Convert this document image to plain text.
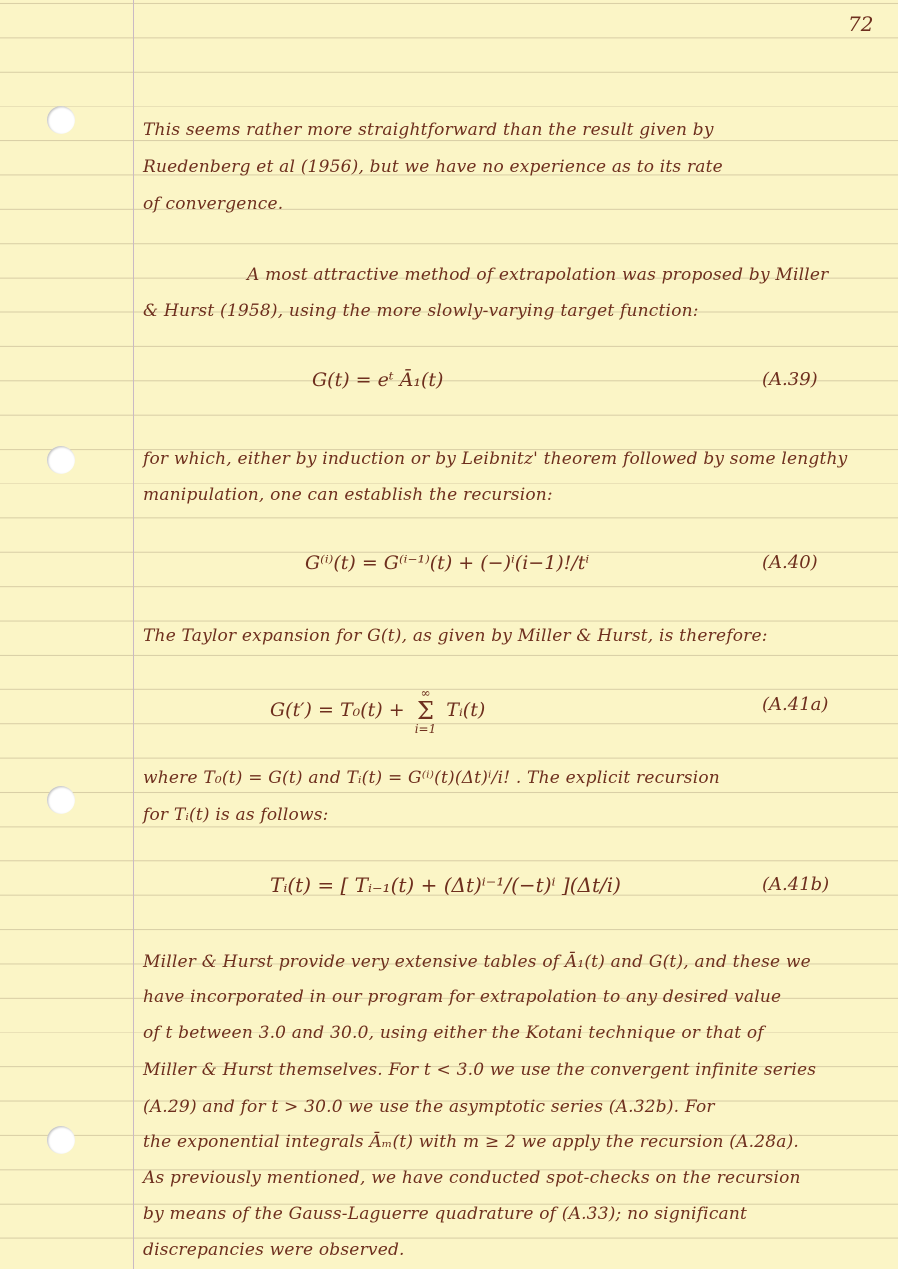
72
This seems rather more straightforward than the result given by
Ruedenberg et al (1956), but we have no experience as to its rate
of convergence.
A most attractive method of extrapolation was proposed by Miller
& Hurst (1958), using the more slowly-varying target function:
G(t) = eᵗ Ā₁(t)	(A.39)
for which, either by induction or by Leibnitz' theorem followed by some lengthy
manipulation, one can establish the recursion:
G⁽ⁱ⁾(t) = G⁽ⁱ⁻¹⁾(t) + (−)ⁱ(i−1)!/tⁱ	(A.40)
The Taylor expansion for G(t), as given by Miller & Hurst, is therefore:
G(t′) = T₀(t) +
∞
Σ
i=1
Tᵢ(t)	(A.41a)
where T₀(t) = G(t) and Tᵢ(t) = G⁽ⁱ⁾(t)(Δt)ⁱ/i! . The explicit recursion
for Tᵢ(t) is as follows:
Tᵢ(t) = [ Tᵢ₋₁(t) + (Δt)ⁱ⁻¹/(−t)ⁱ ](Δt/i)	(A.41b)
Miller & Hurst provide very extensive tables of Ā₁(t) and G(t), and these we
have incorporated in our program for extrapolation to any desired value
of t between 3.0 and 30.0, using either the Kotani technique or that of
Miller & Hurst themselves. For t < 3.0 we use the convergent infinite series
(A.29) and for t > 30.0 we use the asymptotic series (A.32b). For
the exponential integrals Āₘ(t) with m ≥ 2 we apply the recursion (A.28a).
As previously mentioned, we have conducted spot-checks on the recursion
by means of the Gauss-Laguerre quadrature of (A.33); no significant
discrepancies were observed.
